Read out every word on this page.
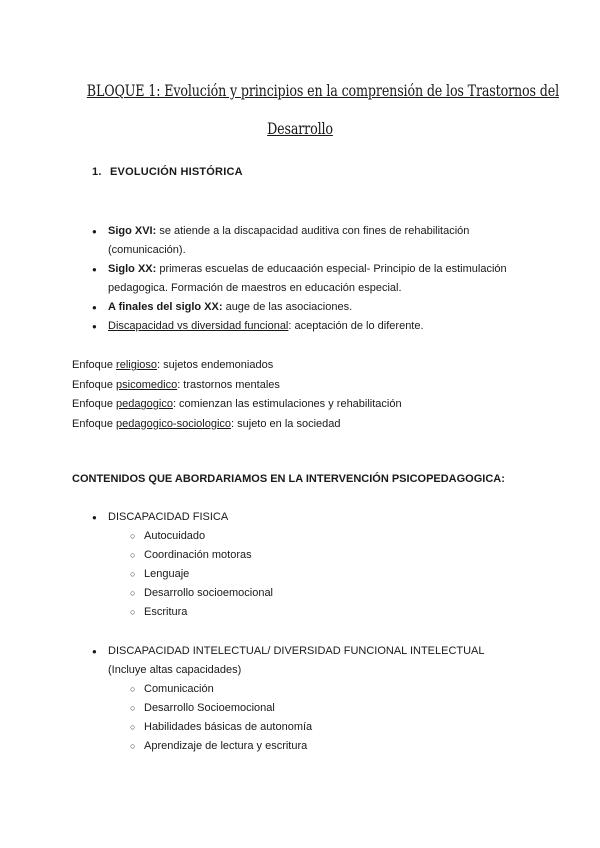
BLOQUE 1: Evolución y principios en la comprensión de los Trastornos del
Desarrollo
1. EVOLUCIÓN HISTÓRICA
● Sigo XVI: se atiende a la discapacidad auditiva con fines de rehabilitación (comunicación).
● Siglo XX: primeras escuelas de educaación especial- Principio de la estimulación pedagogica. Formación de maestros en educación especial.
● A finales del siglo XX: auge de las asociaciones.
● Discapacidad vs diversidad funcional: aceptación de lo diferente.
Enfoque religioso: sujetos endemoniados
Enfoque psicomedico: trastornos mentales
Enfoque pedagogico: comienzan las estimulaciones y rehabilitación
Enfoque pedagogico-sociologico: sujeto en la sociedad
CONTENIDOS QUE ABORDARIAMOS EN LA INTERVENCIÓN PSICOPEDAGOGICA:
● DISCAPACIDAD FISICA
○ Autocuidado
○ Coordinación motoras
○ Lenguaje
○ Desarrollo socioemocional
○ Escritura
● DISCAPACIDAD INTELECTUAL/ DIVERSIDAD FUNCIONAL INTELECTUAL
(Incluye altas capacidades)
○ Comunicación
○ Desarrollo Socioemocional
○ Habilidades básicas de autonomía
○ Aprendizaje de lectura y escritura
